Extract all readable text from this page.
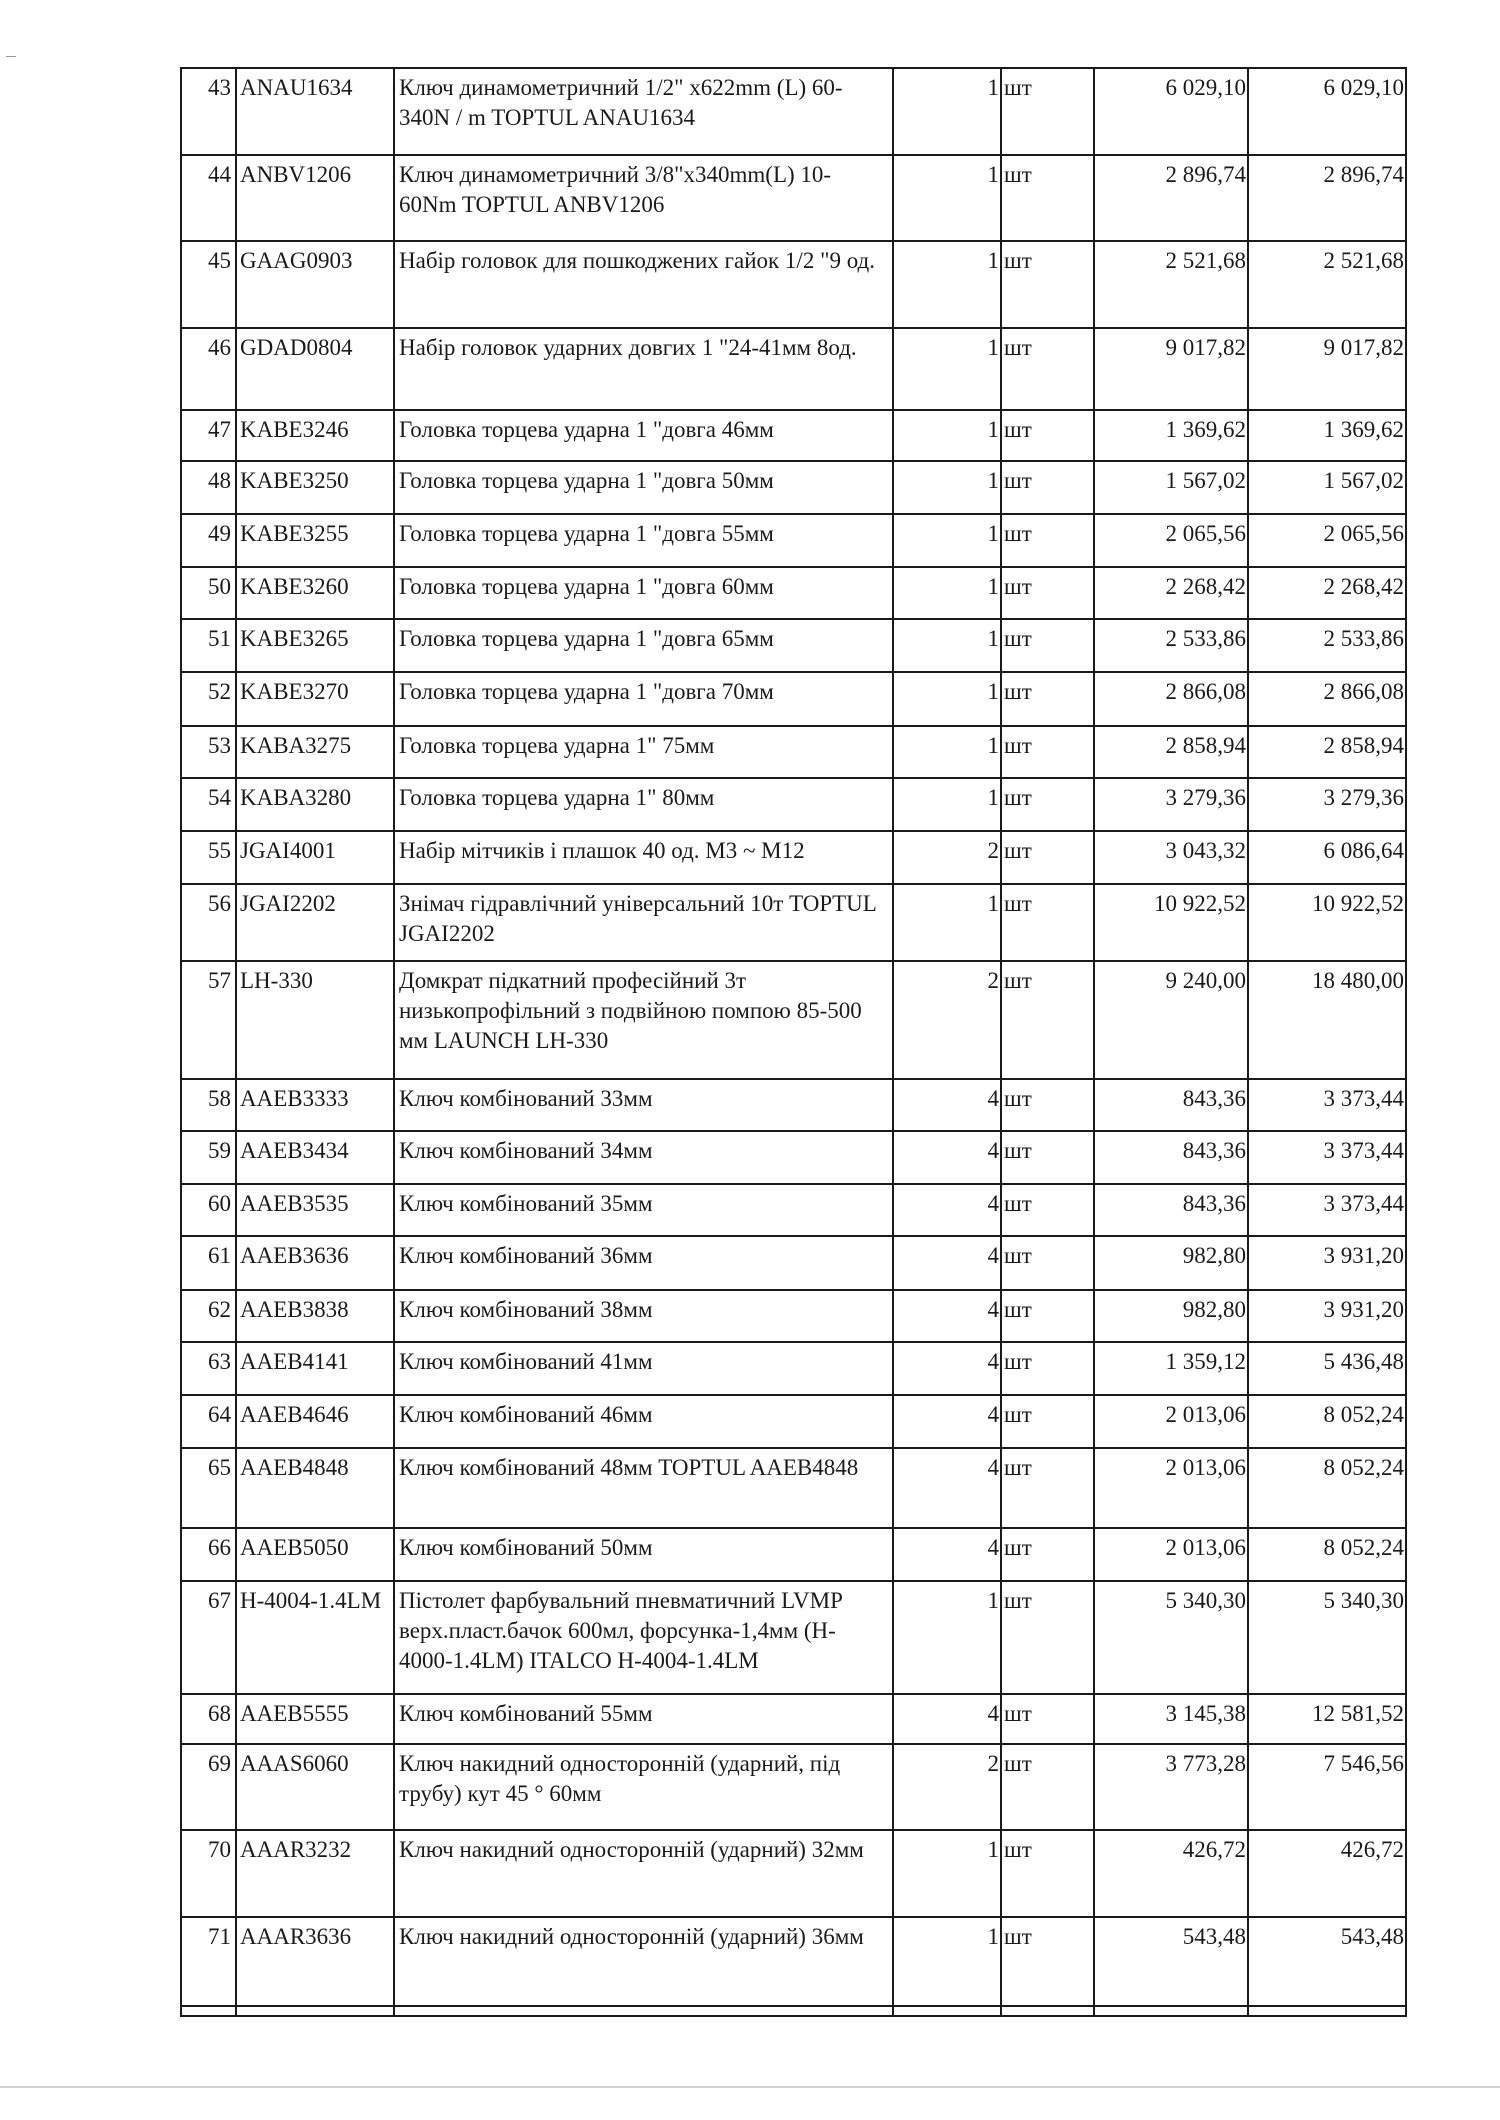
43	ANAU1634	Ключ динамометричний 1/2" x622mm (L) 60-340N / m TOPTUL ANAU1634	1	шт	6 029,10	6 029,10
44	ANBV1206	Ключ динамометричний 3/8"x340mm(L) 10-60Nm TOPTUL ANBV1206	1	шт	2 896,74	2 896,74
45	GAAG0903	Набір головок для пошкоджених гайок 1/2 "9 од.	1	шт	2 521,68	2 521,68
46	GDAD0804	Набір головок ударних довгих 1 "24-41мм 8од.	1	шт	9 017,82	9 017,82
47	KABE3246	Головка торцева ударна 1 "довга 46мм	1	шт	1 369,62	1 369,62
48	KABE3250	Головка торцева ударна 1 "довга 50мм	1	шт	1 567,02	1 567,02
49	KABE3255	Головка торцева ударна 1 "довга 55мм	1	шт	2 065,56	2 065,56
50	KABE3260	Головка торцева ударна 1 "довга 60мм	1	шт	2 268,42	2 268,42
51	KABE3265	Головка торцева ударна 1 "довга 65мм	1	шт	2 533,86	2 533,86
52	KABE3270	Головка торцева ударна 1 "довга 70мм	1	шт	2 866,08	2 866,08
53	KABA3275	Головка торцева ударна 1" 75мм	1	шт	2 858,94	2 858,94
54	KABA3280	Головка торцева ударна 1" 80мм	1	шт	3 279,36	3 279,36
55	JGAI4001	Набір мітчиків і плашок 40 од. М3 ~ М12	2	шт	3 043,32	6 086,64
56	JGAI2202	Знімач гідравлічний універсальний 10т TOPTUL JGAI2202	1	шт	10 922,52	10 922,52
57	LH-330	Домкрат підкатний професійний 3т низькопрофільний з подвійною помпою 85-500 мм LAUNCH LH-330	2	шт	9 240,00	18 480,00
58	AAEB3333	Ключ комбінований 33мм	4	шт	843,36	3 373,44
59	AAEB3434	Ключ комбінований 34мм	4	шт	843,36	3 373,44
60	AAEB3535	Ключ комбінований 35мм	4	шт	843,36	3 373,44
61	AAEB3636	Ключ комбінований 36мм	4	шт	982,80	3 931,20
62	AAEB3838	Ключ комбінований 38мм	4	шт	982,80	3 931,20
63	AAEB4141	Ключ комбінований 41мм	4	шт	1 359,12	5 436,48
64	AAEB4646	Ключ комбінований 46мм	4	шт	2 013,06	8 052,24
65	AAEB4848	Ключ комбінований 48мм TOPTUL AAEB4848	4	шт	2 013,06	8 052,24
66	AAEB5050	Ключ комбінований 50мм	4	шт	2 013,06	8 052,24
67	H-4004-1.4LM	Пістолет фарбувальний пневматичний LVMP верх.пласт.бачок 600мл, форсунка-1,4мм (H-4000-1.4LM) ITALCO H-4004-1.4LM	1	шт	5 340,30	5 340,30
68	AAEB5555	Ключ комбінований 55мм	4	шт	3 145,38	12 581,52
69	AAAS6060	Ключ накидний односторонній (ударний, під трубу) кут 45 ° 60мм	2	шт	3 773,28	7 546,56
70	AAAR3232	Ключ накидний односторонній (ударний) 32мм	1	шт	426,72	426,72
71	AAAR3636	Ключ накидний односторонній (ударний) 36мм	1	шт	543,48	543,48
